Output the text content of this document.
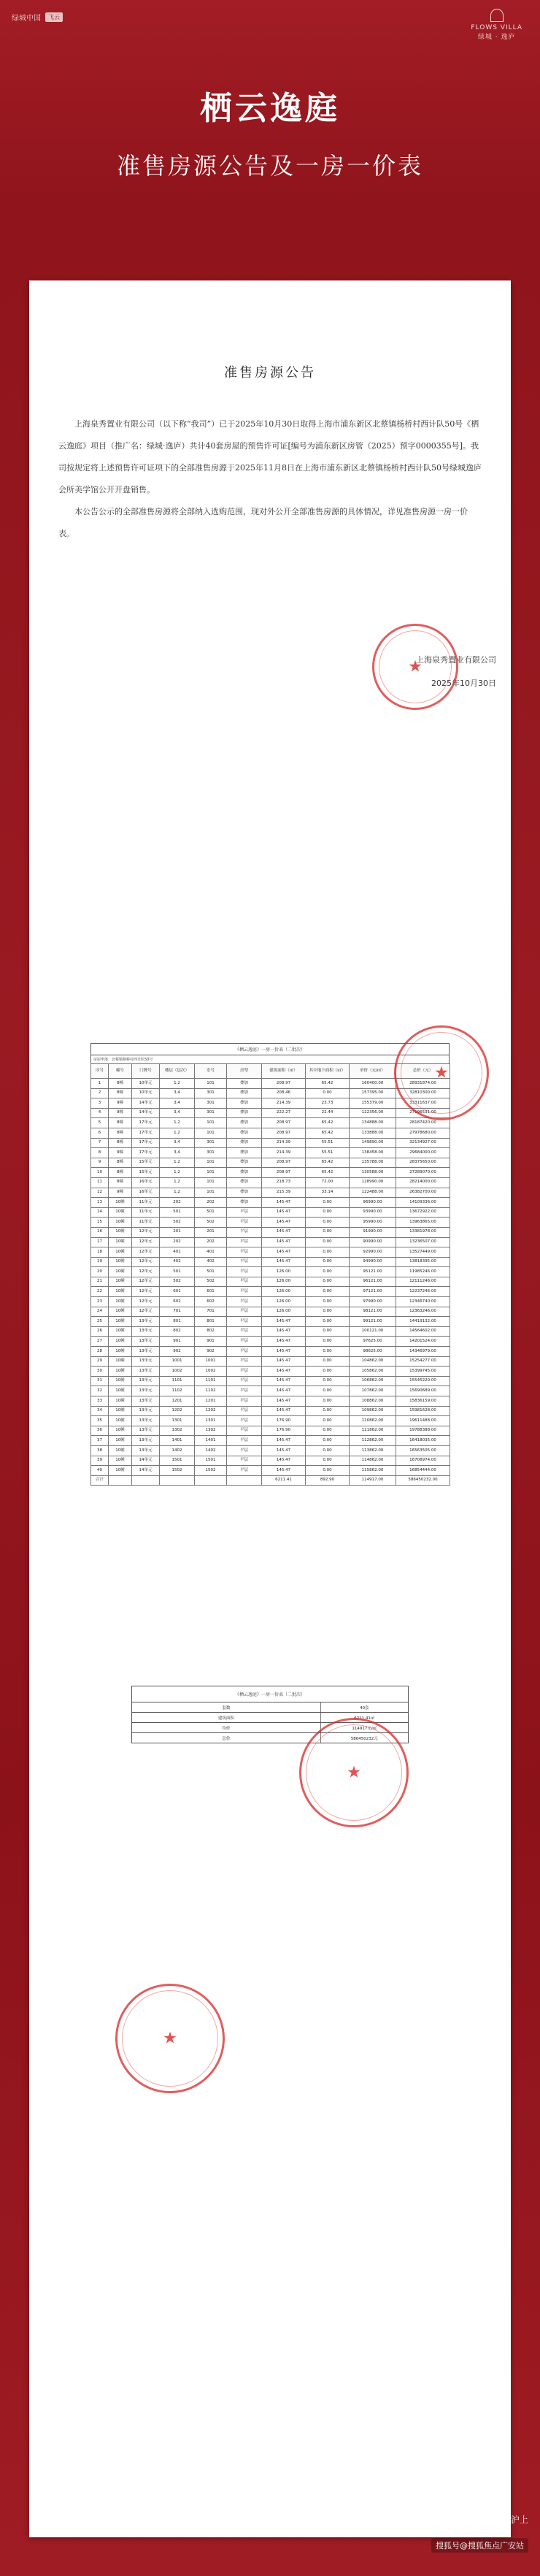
绿城中国	飞云
FLOWS VILLA
绿城 · 逸庐
栖云逸庭
准售房源公告及一房一价表
准售房源公告

上海泉秀置业有限公司（以下称“我司”）已于2025年10月30日取得上海市浦东新区北蔡镇杨桥村西计队50号《栖云逸庭》项目（推广名：绿城·逸庐）共计40套房屋的预售许可证[编号为浦东新区房管（2025）预字0000355号]。我司按规定将上述预售许可证项下的全部准售房源于2025年11月8日在上海市浦东新区北蔡镇杨桥村西计队50号绿城逸庐会所美学馆公开开盘销售。

本公告公示的全部准售房源将全部纳入选购范围，现对外公开全部准售房源的具体情况，详见准售房源一房一价表。

上海泉秀置业有限公司
2025年10月30日
★
《栖云逸庭》一房一价表（二批次）
房屋坐落：北蔡镇杨桥村西计队50号
序号	幢号	门牌号	楼层（层次）	室号	房型	建筑面积（㎡）	其中地下面积（㎡）	单价（元/㎡）	总价（元）
1	8幢	10单元	1,2	101	叠加	208.97	65.42	160400.00	28931874.00
2	8幢	10单元	3,4	301	叠加	208.46	0.00	157395.00	32810300.00
3	9幢	14单元	3,4	301	叠加	214.39	23.73	155379.00	33311637.00
4	9幢	14单元	3,4	301	叠加	222.27	22.44	122356.00	27196531.00
5	8幢	17单元	1,2	101	叠加	208.97	65.42	134888.00	28187420.00
6	8幢	17单元	1,2	101	叠加	208.97	65.42	133888.00	27978680.00
7	8幢	17单元	3,4	301	叠加	214.39	55.51	149890.00	32134927.00
8	9幢	17单元	3,4	301	叠加	214.39	55.51	138458.00	29684000.00
9	8幢	15单元	1,2	101	叠加	208.97	65.42	135788.00	28375650.00
10	8幢	15单元	1,2	101	叠加	208.97	65.42	130588.00	27289070.00
11	8幢	16单元	1,2	101	叠加	218.73	72.00	128990.00	28214000.00
12	9幢	16单元	1,2	101	叠加	215.39	33.14	122488.00	26382700.00
13	10幢	11单元	202	202	叠加	145.47	0.00	96990.00	14109336.00
14	10幢	11单元	501	501	平层	145.47	0.00	93990.00	13672922.00
15	10幢	11单元	502	502	平层	145.47	0.00	95990.00	13963865.00
16	10幢	12单元	201	201	平层	145.47	0.00	91990.00	13381978.00
17	10幢	12单元	202	202	平层	145.47	0.00	90990.00	13236507.00
18	10幢	12单元	401	401	平层	145.47	0.00	92990.00	13527449.00
19	10幢	12单元	402	402	平层	145.47	0.00	94990.00	13818395.00
20	10幢	12单元	501	501	平层	126.00	0.00	95121.00	11985246.00
21	10幢	12单元	502	502	平层	126.00	0.00	96121.00	12111246.00
22	10幢	12单元	601	601	平层	126.00	0.00	97121.00	12237246.00
23	10幢	12单元	602	602	平层	126.00	0.00	97990.00	12346740.00
24	10幢	12单元	701	701	平层	126.00	0.00	98121.00	12363246.00
25	10幢	13单元	801	801	平层	145.47	0.00	99121.00	14419132.00
26	10幢	13单元	802	802	平层	145.47	0.00	100121.00	14564602.00
27	10幢	13单元	901	901	平层	145.47	0.00	97625.00	14201524.00
28	10幢	13单元	902	902	平层	145.47	0.00	98625.00	14346979.00
29	10幢	13单元	1001	1001	平层	145.47	0.00	104862.00	15254277.00
30	10幢	13单元	1002	1002	平层	145.47	0.00	105862.00	15399745.00
31	10幢	13单元	1101	1101	平层	145.47	0.00	106862.00	15545220.00
32	10幢	13单元	1102	1102	平层	145.47	0.00	107862.00	15690689.00
33	10幢	13单元	1201	1201	平层	145.47	0.00	108862.00	15836159.00
34	10幢	13单元	1202	1202	平层	145.47	0.00	109862.00	15981628.00
35	10幢	13单元	1301	1301	平层	176.90	0.00	110862.00	19611488.00
36	10幢	13单元	1302	1302	平层	176.90	0.00	111862.00	19788388.00
37	10幢	13单元	1401	1401	平层	145.47	0.00	112862.00	16418035.00
38	10幢	13单元	1402	1402	平层	145.47	0.00	113862.00	16563505.00
39	10幢	14单元	1501	1501	平层	145.47	0.00	114862.00	16708974.00
40	10幢	14单元	1502	1502	平层	145.47	0.00	115862.00	16854444.00
合计						6211.41	892.90	114917.00	586450232.00
★
《栖云逸庭》一房一价表（二批次）
套数	40套
建筑面积	6211.41㎡
均价	114917元/㎡
总价	586450232元
★
★
公众号 · 房在沪上
搜狐号@搜狐焦点广安站
